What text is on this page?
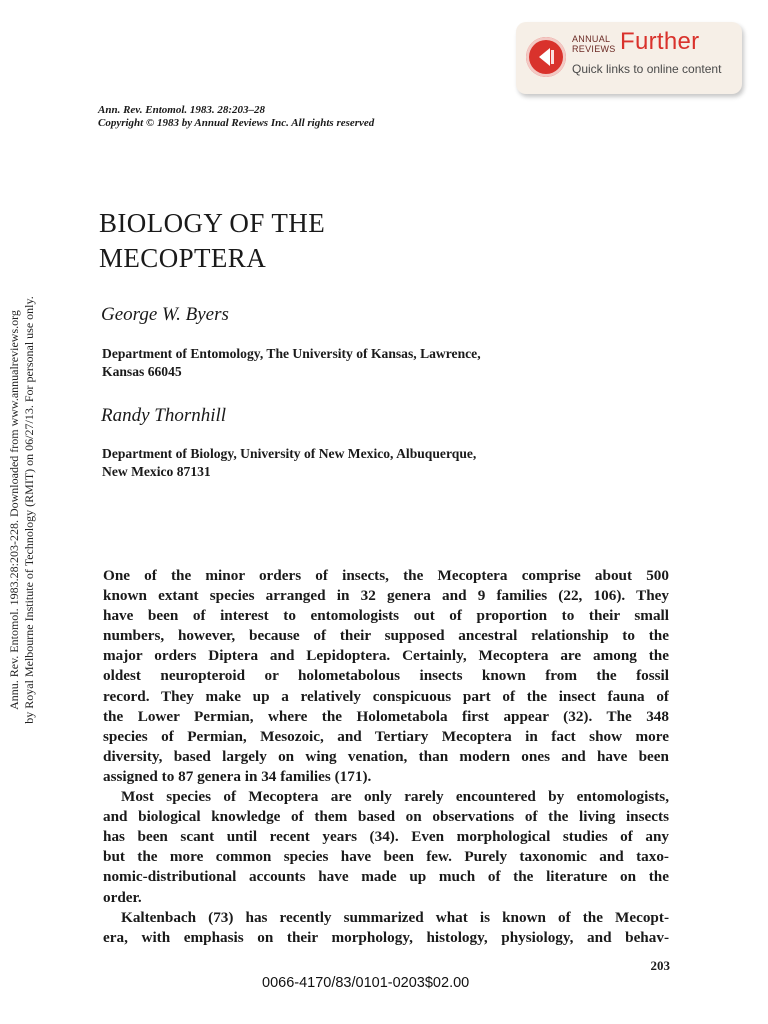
ANNUAL
REVIEWS Further
Quick links to online content
Annu. Rev. Entomol. 1983.28:203-228. Downloaded from www.annualreviews.org by Royal Melbourne Institute of Technology (RMIT) on 06/27/13. For personal use only.
Ann. Rev. Entomol. 1983. 28:203–28
Copyright © 1983 by Annual Reviews Inc. All rights reserved
BIOLOGY OF THE
MECOPTERA
George W. Byers
Department of Entomology, The University of Kansas, Lawrence,
Kansas 66045
Randy Thornhill
Department of Biology, University of New Mexico, Albuquerque,
New Mexico 87131
One of the minor orders of insects, the Mecoptera comprise about 500
known extant species arranged in 32 genera and 9 families (22, 106). They
have been of interest to entomologists out of proportion to their small
numbers, however, because of their supposed ancestral relationship to the
major orders Diptera and Lepidoptera. Certainly, Mecoptera are among the
oldest neuropteroid or holometabolous insects known from the fossil
record. They make up a relatively conspicuous part of the insect fauna of
the Lower Permian, where the Holometabola first appear (32). The 348
species of Permian, Mesozoic, and Tertiary Mecoptera in fact show more
diversity, based largely on wing venation, than modern ones and have been
assigned to 87 genera in 34 families (171).
Most species of Mecoptera are only rarely encountered by entomologists,
and biological knowledge of them based on observations of the living insects
has been scant until recent years (34). Even morphological studies of any
but the more common species have been few. Purely taxonomic and taxo-
nomic-distributional accounts have made up much of the literature on the
order.
Kaltenbach (73) has recently summarized what is known of the Mecopt-
era, with emphasis on their morphology, histology, physiology, and behav-
203
0066-4170/83/0101-0203$02.00
